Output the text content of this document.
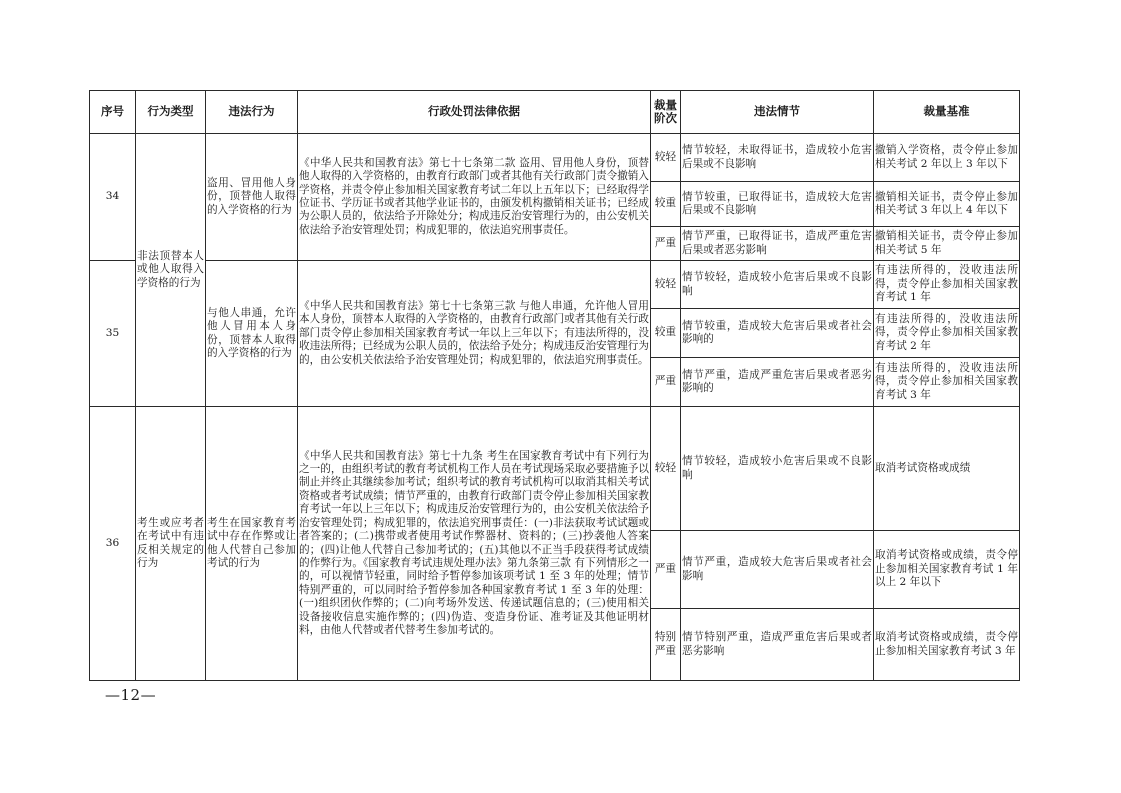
序号	行为类型	违法行为	行政处罚法律依据	裁量阶次	违法情节	裁量基准
34	非法顶替本人或他人取得入学资格的行为	盗用、冒用他人身份，顶替他人取得的入学资格的行为	《中华人民共和国教育法》第七十七条第二款 盗用、冒用他人身份，顶替他人取得的入学资格的，由教育行政部门或者其他有关行政部门责令撤销入学资格，并责令停止参加相关国家教育考试二年以上五年以下；已经取得学位证书、学历证书或者其他学业证书的，由颁发机构撤销相关证书；已经成为公职人员的，依法给予开除处分；构成违反治安管理行为的，由公安机关依法给予治安管理处罚；构成犯罪的，依法追究刑事责任。	较轻	情节较轻，未取得证书，造成较小危害后果或不良影响	撤销入学资格，责令停止参加相关考试 2 年以上 3 年以下
				较重	情节较重，已取得证书，造成较大危害后果或不良影响	撤销相关证书，责令停止参加相关考试 3 年以上 4 年以下
				严重	情节严重，已取得证书，造成严重危害后果或者恶劣影响	撤销相关证书，责令停止参加相关考试 5 年
35		与他人串通，允许他人冒用本人身份，顶替本人取得的入学资格的行为	《中华人民共和国教育法》第七十七条第三款 与他人串通，允许他人冒用本人身份，顶替本人取得的入学资格的，由教育行政部门或者其他有关行政部门责令停止参加相关国家教育考试一年以上三年以下；有违法所得的，没收违法所得；已经成为公职人员的，依法给予处分；构成违反治安管理行为的，由公安机关依法给予治安管理处罚；构成犯罪的，依法追究刑事责任。	较轻	情节较轻，造成较小危害后果或不良影响	有违法所得的，没收违法所得，责令停止参加相关国家教育考试 1 年
				较重	情节较重，造成较大危害后果或者社会影响的	有违法所得的，没收违法所得，责令停止参加相关国家教育考试 2 年
				严重	情节严重，造成严重危害后果或者恶劣影响的	有违法所得的，没收违法所得，责令停止参加相关国家教育考试 3 年
36	考生或应考者在考试中有违反相关规定的行为	考生在国家教育考试中存在作弊或让他人代替自己参加考试的行为	《中华人民共和国教育法》第七十九条 考生在国家教育考试中有下列行为之一的，由组织考试的教育考试机构工作人员在考试现场采取必要措施予以制止并终止其继续参加考试；组织考试的教育考试机构可以取消其相关考试资格或者考试成绩；情节严重的，由教育行政部门责令停止参加相关国家教育考试一年以上三年以下；构成违反治安管理行为的，由公安机关依法给予治安管理处罚；构成犯罪的，依法追究刑事责任：(一)非法获取考试试题或者答案的；(二)携带或者使用考试作弊器材、资料的；(三)抄袭他人答案的；(四)让他人代替自己参加考试的；(五)其他以不正当手段获得考试成绩的作弊行为。《国家教育考试违规处理办法》第九条第三款 有下列情形之一的，可以视情节轻重，同时给予暂停参加该项考试 1 至 3 年的处理；情节特别严重的，可以同时给予暂停参加各种国家教育考试 1 至 3 年的处理：(一)组织团伙作弊的；(二)向考场外发送、传递试题信息的；(三)使用相关设备接收信息实施作弊的；(四)伪造、变造身份证、准考证及其他证明材料，由他人代替或者代替考生参加考试的。	较轻	情节较轻，造成较小危害后果或不良影响	取消考试资格或成绩
				严重	情节严重，造成较大危害后果或者社会影响	取消考试资格或成绩，责令停止参加相关国家教育考试 1 年以上 2 年以下
				特别严重	情节特别严重，造成严重危害后果或者恶劣影响	取消考试资格或成绩，责令停止参加相关国家教育考试 3 年
—12—
